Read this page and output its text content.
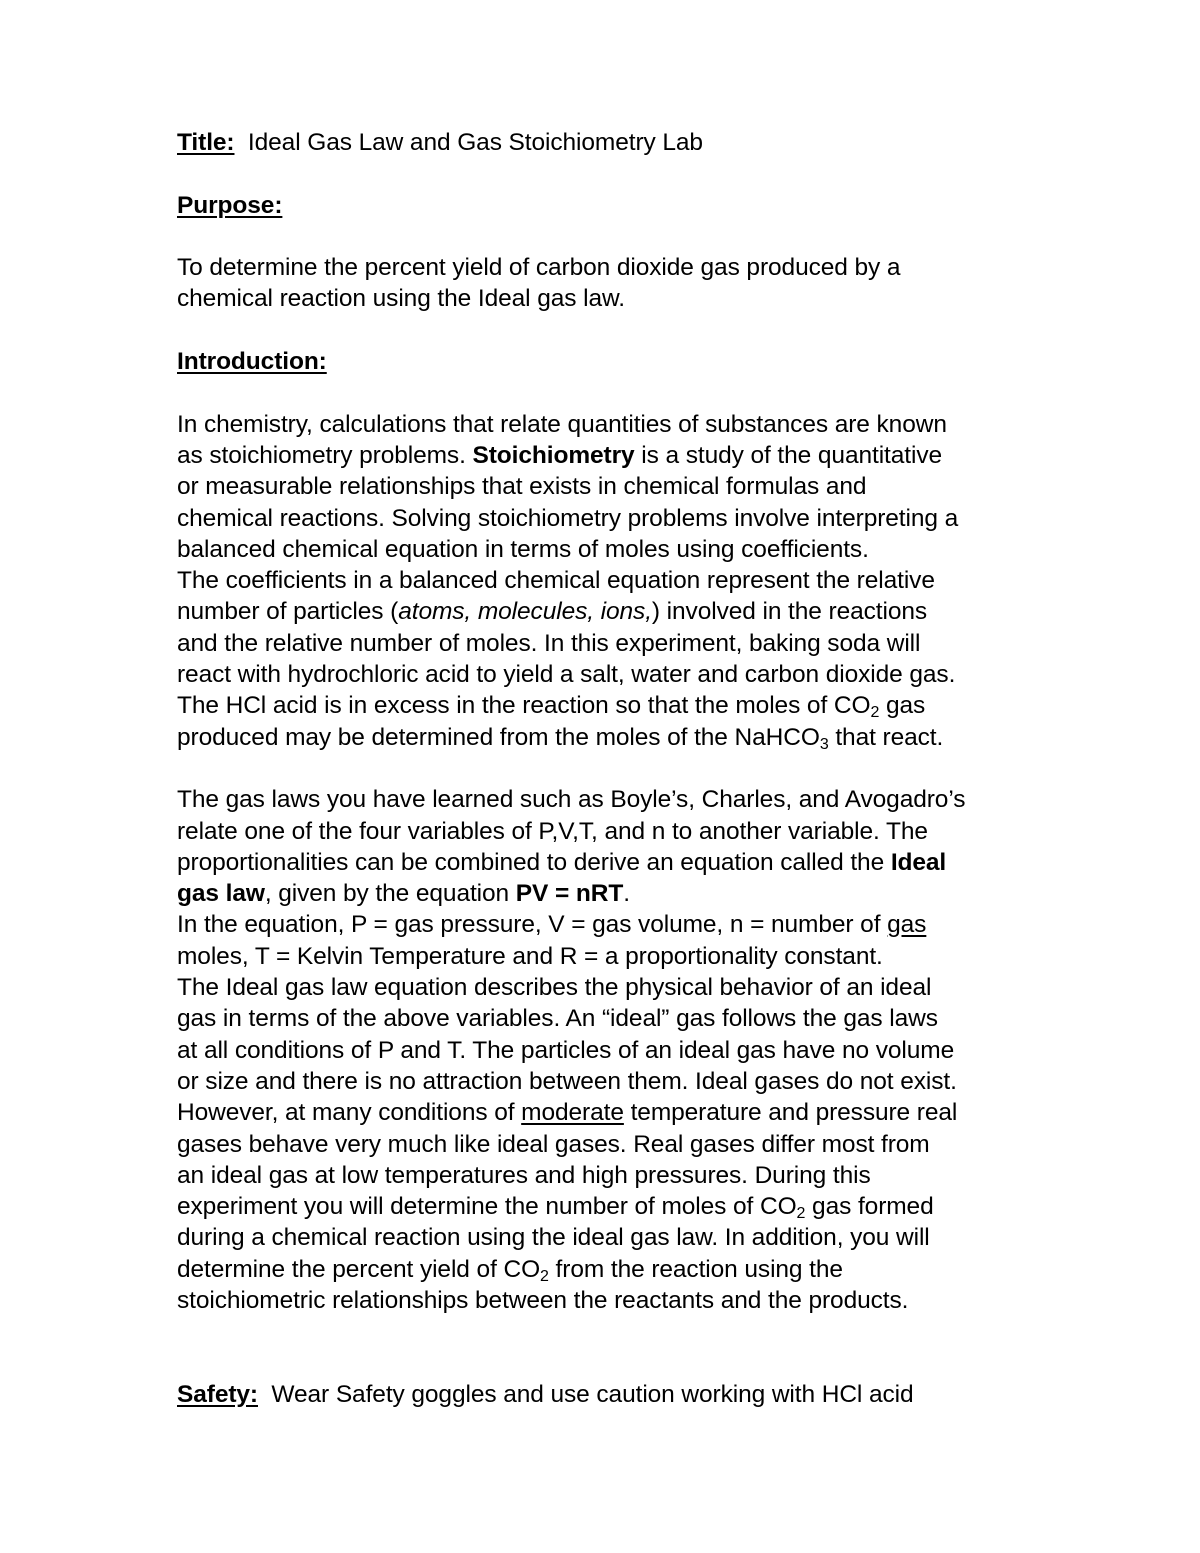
Title: Ideal Gas Law and Gas Stoichiometry Lab
Purpose:
To determine the percent yield of carbon dioxide gas produced by a
chemical reaction using the Ideal gas law.
Introduction:
In chemistry, calculations that relate quantities of substances are known
as stoichiometry problems. Stoichiometry is a study of the quantitative
or measurable relationships that exists in chemical formulas and
chemical reactions. Solving stoichiometry problems involve interpreting a
balanced chemical equation in terms of moles using coefficients.
The coefficients in a balanced chemical equation represent the relative
number of particles (atoms, molecules, ions,) involved in the reactions
and the relative number of moles. In this experiment, baking soda will
react with hydrochloric acid to yield a salt, water and carbon dioxide gas.
The HCl acid is in excess in the reaction so that the moles of $CO_2$ gas
produced may be determined from the moles of the NaHCO$_3$ that react.
The gas laws you have learned such as Boyle’s, Charles, and Avogadro’s
relate one of the four variables of P,V,T, and n to another variable. The
proportionalities can be combined to derive an equation called the Ideal
gas law, given by the equation PV = nRT.
In the equation, P = gas pressure, V = gas volume, n = number of gas
moles, T = Kelvin Temperature and R = a proportionality constant.
The Ideal gas law equation describes the physical behavior of an ideal
gas in terms of the above variables. An “ideal” gas follows the gas laws
at all conditions of P and T. The particles of an ideal gas have no volume
or size and there is no attraction between them. Ideal gases do not exist.
However, at many conditions of moderate temperature and pressure real
gases behave very much like ideal gases. Real gases differ most from
an ideal gas at low temperatures and high pressures. During this
experiment you will determine the number of moles of $CO_2$ gas formed
during a chemical reaction using the ideal gas law. In addition, you will
determine the percent yield of $CO_2$ from the reaction using the
stoichiometric relationships between the reactants and the products.
Safety: Wear Safety goggles and use caution working with HCl acid
